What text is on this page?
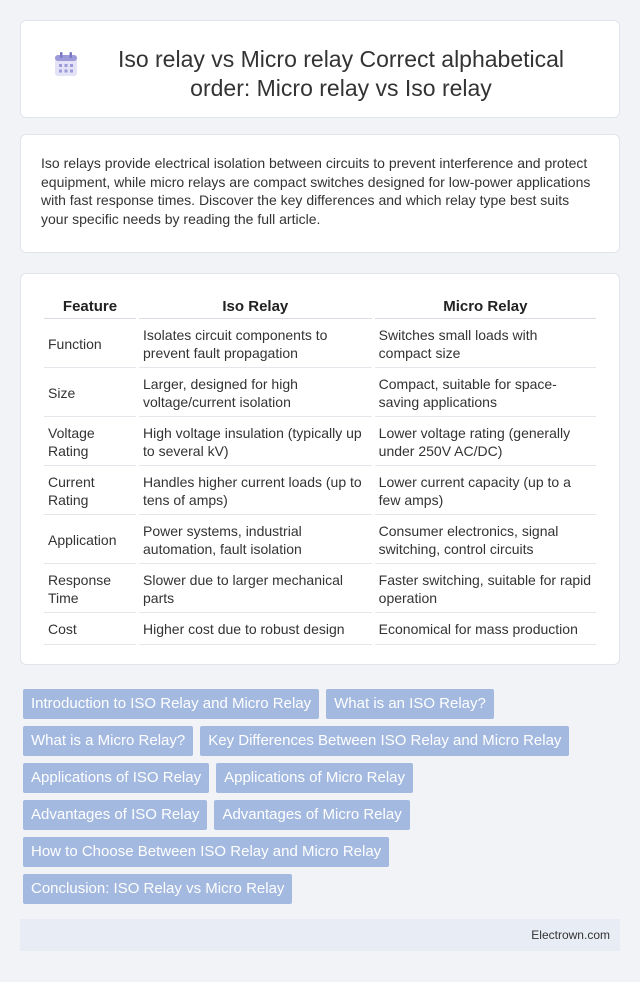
Iso relay vs Micro relay Correct alphabetical order: Micro relay vs Iso relay

Iso relays provide electrical isolation between circuits to prevent interference and protect equipment, while micro relays are compact switches designed for low-power applications with fast response times. Discover the key differences and which relay type best suits your specific needs by reading the full article.

Feature	Iso Relay	Micro Relay
Function	Isolates circuit components to prevent fault propagation	Switches small loads with compact size
Size	Larger, designed for high voltage/current isolation	Compact, suitable for space-saving applications
Voltage Rating	High voltage insulation (typically up to several kV)	Lower voltage rating (generally under 250V AC/DC)
Current Rating	Handles higher current loads (up to tens of amps)	Lower current capacity (up to a few amps)
Application	Power systems, industrial automation, fault isolation	Consumer electronics, signal switching, control circuits
Response Time	Slower due to larger mechanical parts	Faster switching, suitable for rapid operation
Cost	Higher cost due to robust design	Economical for mass production
Introduction to ISO Relay and Micro Relay	What is an ISO Relay?
What is a Micro Relay?	Key Differences Between ISO Relay and Micro Relay
Applications of ISO Relay	Applications of Micro Relay
Advantages of ISO Relay	Advantages of Micro Relay
How to Choose Between ISO Relay and Micro Relay
Conclusion: ISO Relay vs Micro Relay
Electrown.com
